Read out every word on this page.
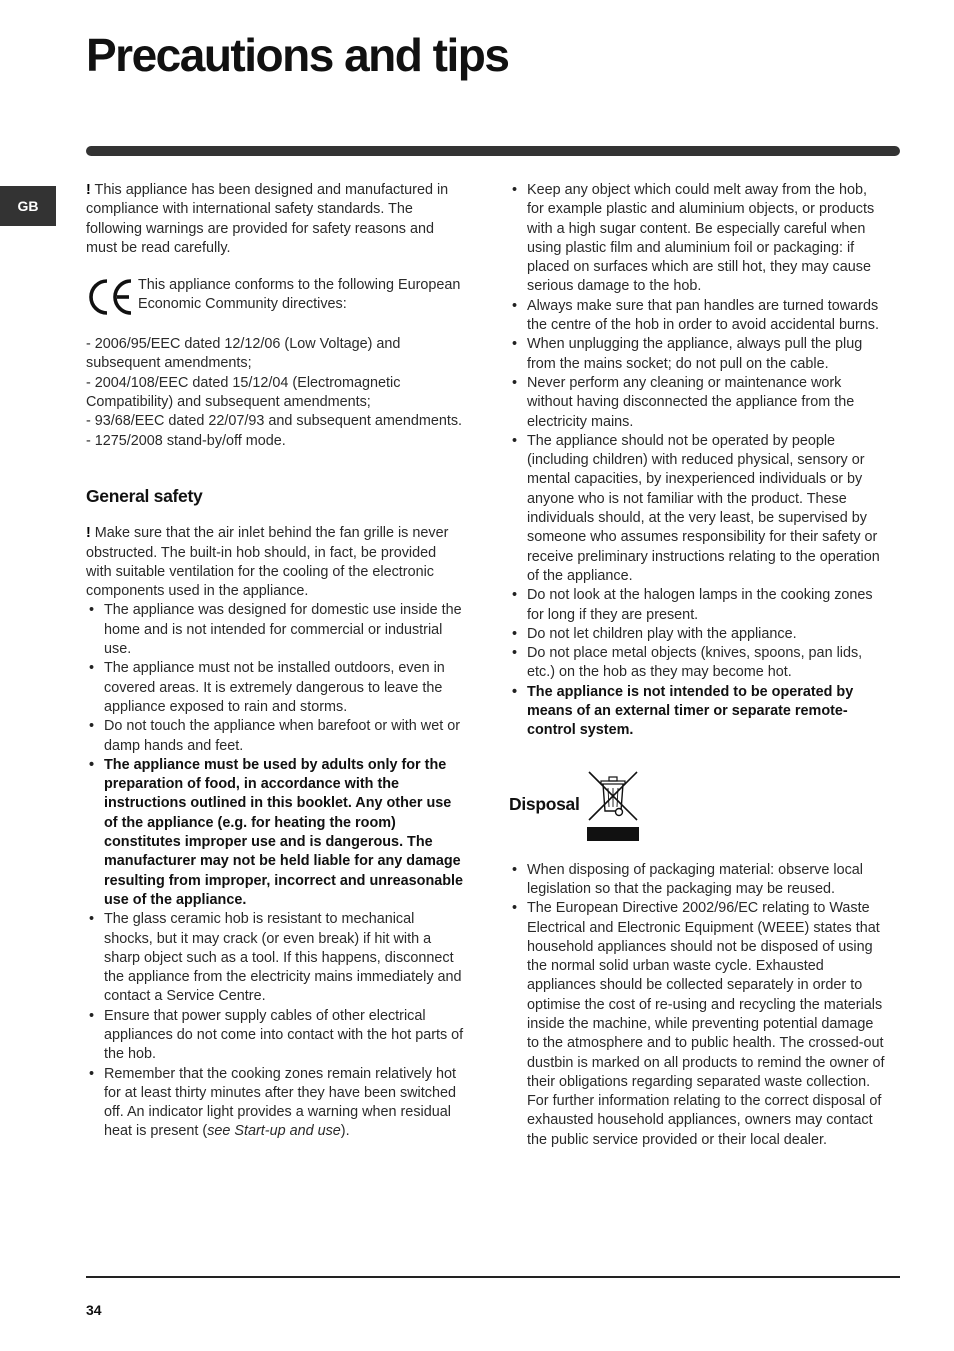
Precautions and tips
GB

! This appliance has been designed and manufactured in compliance with international safety standards. The following warnings are provided for safety reasons and must be read carefully.

This appliance conforms to the following European Economic Community directives:

- 2006/95/EEC dated 12/12/06 (Low Voltage) and subsequent amendments;

- 2004/108/EEC dated 15/12/04 (Electromagnetic Compatibility) and subsequent amendments;

- 93/68/EEC dated 22/07/93 and subsequent amendments.

- 1275/2008 stand-by/off mode.

General safety

! Make sure that the air inlet behind the fan grille is never obstructed. The built-in hob should, in fact, be provided with suitable ventilation for the cooling of the electronic components used in the appliance.

• The appliance was designed for domestic use inside the home and is not intended for commercial or industrial use.
• The appliance must not be installed outdoors, even in covered areas. It is extremely dangerous to leave the appliance exposed to rain and storms.
• Do not touch the appliance when barefoot or with wet or damp hands and feet.
• The appliance must be used by adults only for the preparation of food, in accordance with the instructions outlined in this booklet. Any other use of the appliance (e.g. for heating the room) constitutes improper use and is dangerous. The manufacturer may not be held liable for any damage resulting from improper, incorrect and unreasonable use of the appliance.
• The glass ceramic hob is resistant to mechanical shocks, but it may crack (or even break) if hit with a sharp object such as a tool. If this happens, disconnect the appliance from the electricity mains immediately and contact a Service Centre.
• Ensure that power supply cables of other electrical appliances do not come into contact with the hot parts of the hob.
• Remember that the cooking zones remain relatively hot for at least thirty minutes after they have been switched off. An indicator light provides a warning when residual heat is present (see Start-up and use).
• Keep any object which could melt away from the hob, for example plastic and aluminium objects, or products with a high sugar content. Be especially careful when using plastic film and aluminium foil or packaging: if placed on surfaces which are still hot, they may cause serious damage to the hob.
• Always make sure that pan handles are turned towards the centre of the hob in order to avoid accidental burns.
• When unplugging the appliance, always pull the plug from the mains socket; do not pull on the cable.
• Never perform any cleaning or maintenance work without having disconnected the appliance from the electricity mains.
• The appliance should not be operated by people (including children) with reduced physical, sensory or mental capacities, by inexperienced individuals or by anyone who is not familiar with the product. These individuals should, at the very least, be supervised by someone who assumes responsibility for their safety or receive preliminary instructions relating to the operation of the appliance.
• Do not look at the halogen lamps in the cooking zones for long if they are present.
• Do not let children play with the appliance.
• Do not place metal objects (knives, spoons, pan lids, etc.) on the hob as they may become hot.
• The appliance is not intended to be operated by means of an external timer or separate remote-control system.
Disposal
• When disposing of packaging material: observe local legislation so that the packaging may be reused.
• The European Directive 2002/96/EC relating to Waste Electrical and Electronic Equipment (WEEE) states that household appliances should not be disposed of using the normal solid urban waste cycle. Exhausted appliances should be collected separately in order to optimise the cost of re-using and recycling the materials inside the machine, while preventing potential damage to the atmosphere and to public health. The crossed-out dustbin is marked on all products to remind the owner of their obligations regarding separated waste collection.

For further information relating to the correct disposal of exhausted household appliances, owners may contact the public service provided or their local dealer.

34
